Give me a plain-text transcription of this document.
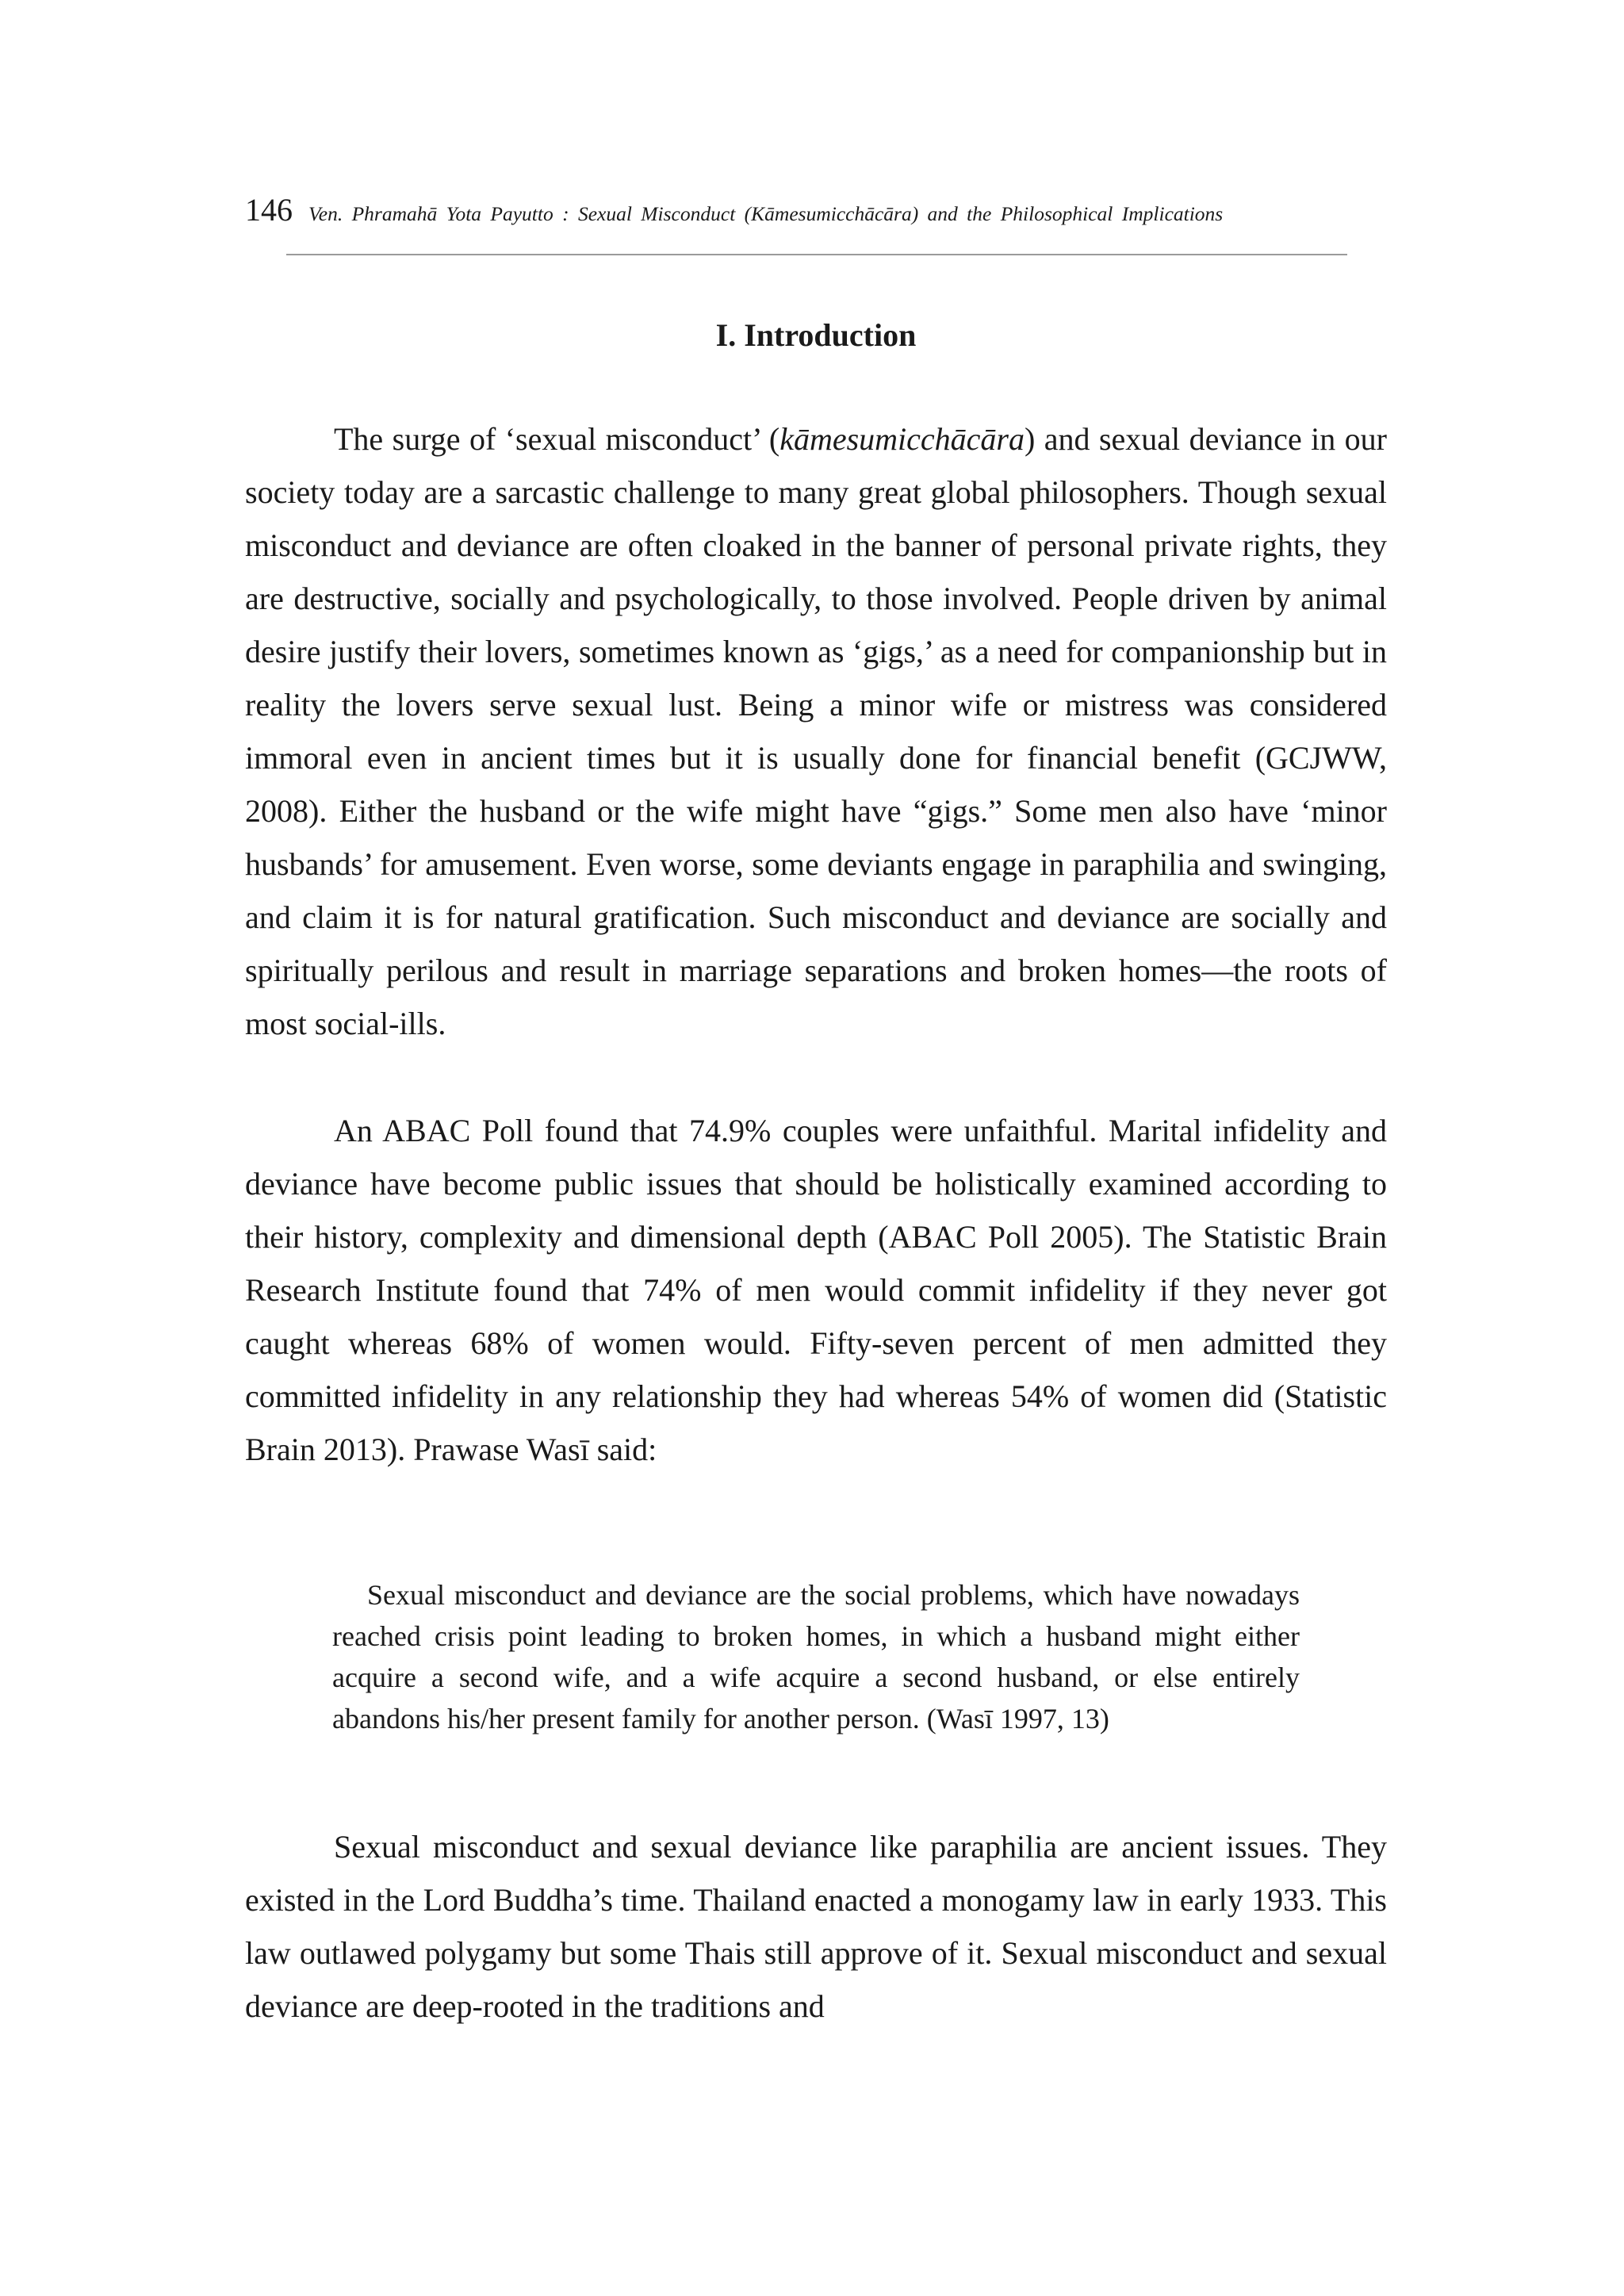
146 Ven. Phramahā Yota Payutto : Sexual Misconduct (Kāmesumicchācāra) and the Philosophical Implications
I. Introduction

The surge of ‘sexual misconduct’ (kāmesumicchācāra) and sexual deviance in our society today are a sarcastic challenge to many great global philosophers. Though sexual misconduct and deviance are often cloaked in the banner of personal private rights, they are destructive, socially and psychologically, to those involved. People driven by animal desire justify their lovers, sometimes known as ‘gigs,’ as a need for companionship but in reality the lovers serve sexual lust. Being a minor wife or mistress was considered immoral even in ancient times but it is usually done for financial benefit (GCJWW, 2008). Either the husband or the wife might have “gigs.” Some men also have ‘minor husbands’ for amusement. Even worse, some deviants engage in paraphilia and swinging, and claim it is for natural gratification. Such misconduct and deviance are socially and spiritually perilous and result in marriage separations and broken homes—the roots of most social-ills.

An ABAC Poll found that 74.9% couples were unfaithful. Marital infidelity and deviance have become public issues that should be holistically examined according to their history, complexity and dimensional depth (ABAC Poll 2005). The Statistic Brain Research Institute found that 74% of men would commit infidelity if they never got caught whereas 68% of women would. Fifty-seven percent of men admitted they committed infidelity in any relationship they had whereas 54% of women did (Statistic Brain 2013). Prawase Wasī said:

Sexual misconduct and deviance are the social problems, which have nowadays reached crisis point leading to broken homes, in which a husband might either acquire a second wife, and a wife acquire a second husband, or else entirely abandons his/her present family for another person. (Wasī 1997, 13)

Sexual misconduct and sexual deviance like paraphilia are ancient issues. They existed in the Lord Buddha’s time. Thailand enacted a monogamy law in early 1933. This law outlawed polygamy but some Thais still approve of it. Sexual misconduct and sexual deviance are deep-rooted in the traditions and
